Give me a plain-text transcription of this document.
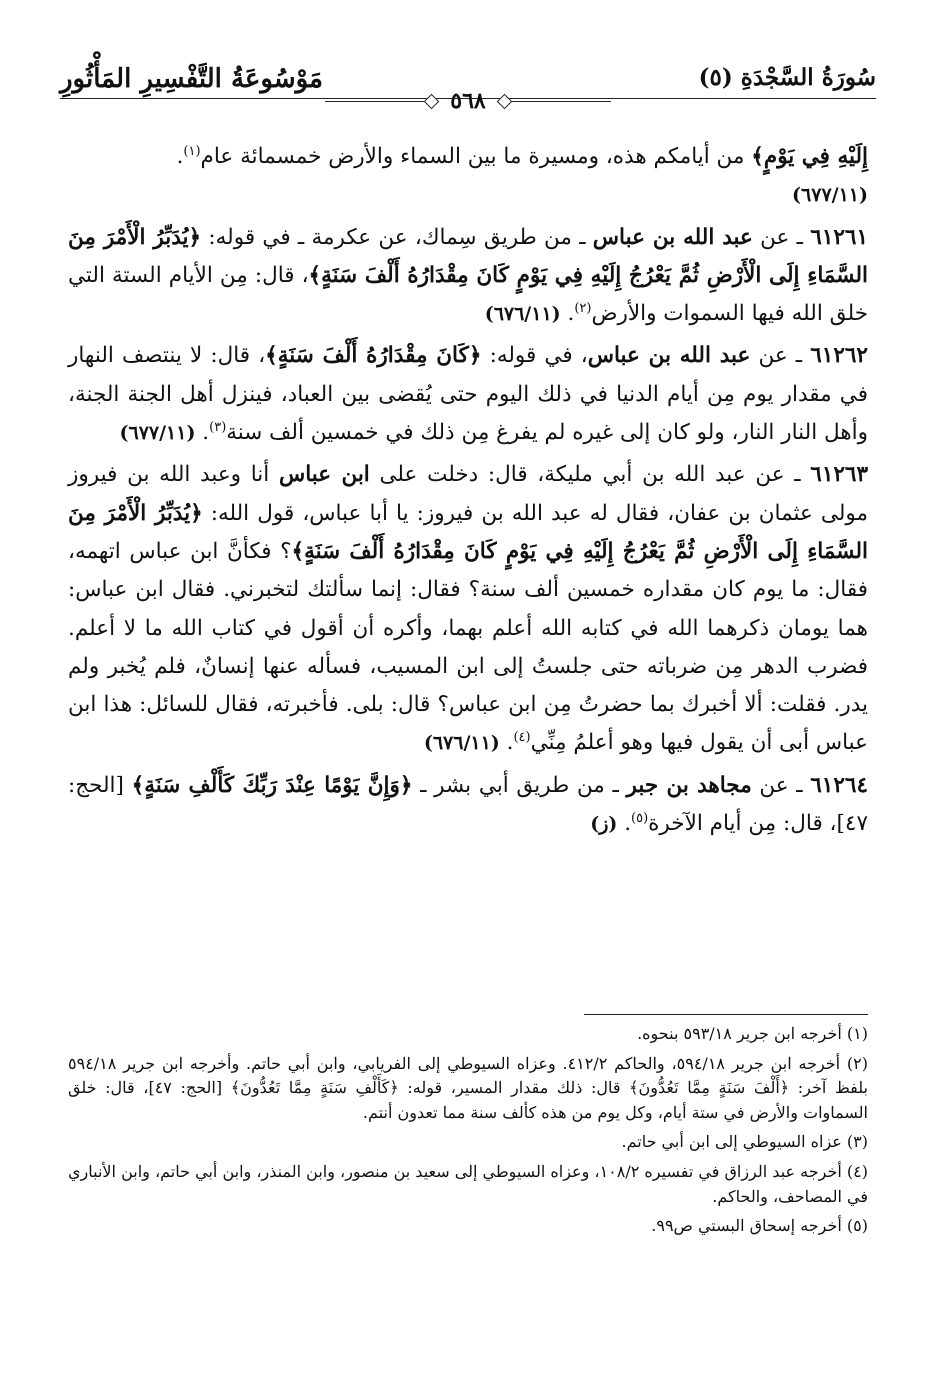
سُورَةُ السَّجْدَةِ (٥)
مَوْسُوعَةُ التَّفْسِيرِ المَأْثُورِ
٥٦٨

إِلَيْهِ فِي يَوْمٍ﴾ من أيامكم هذه، ومسيرة ما بين السماء والأرض خمسمائة عام$^{(١)}$.
(٦٧٧/١١)

٦١٢٦١ ـ عن عبد الله بن عباس ـ من طريق سِماك، عن عكرمة ـ في قوله: ﴿يُدَبِّرُ الْأَمْرَ مِنَ السَّمَاءِ إِلَى الْأَرْضِ ثُمَّ يَعْرُجُ إِلَيْهِ فِي يَوْمٍ كَانَ مِقْدَارُهُ أَلْفَ سَنَةٍ﴾، قال: مِن الأيام الستة التي خلق الله فيها السموات والأرض$^{(٢)}$. (٦٧٦/١١)

٦١٢٦٢ ـ عن عبد الله بن عباس، في قوله: ﴿كَانَ مِقْدَارُهُ أَلْفَ سَنَةٍ﴾، قال: لا ينتصف النهار في مقدار يوم مِن أيام الدنيا في ذلك اليوم حتى يُقضى بين العباد، فينزل أهل الجنة الجنة، وأهل النار النار، ولو كان إلى غيره لم يفرغ مِن ذلك في خمسين ألف سنة$^{(٣)}$. (٦٧٧/١١)

٦١٢٦٣ ـ عن عبد الله بن أبي مليكة، قال: دخلت على ابن عباس أنا وعبد الله بن فيروز مولى عثمان بن عفان، فقال له عبد الله بن فيروز: يا أبا عباس، قول الله: ﴿يُدَبِّرُ الْأَمْرَ مِنَ السَّمَاءِ إِلَى الْأَرْضِ ثُمَّ يَعْرُجُ إِلَيْهِ فِي يَوْمٍ كَانَ مِقْدَارُهُ أَلْفَ سَنَةٍ﴾؟ فكأنَّ ابن عباس اتهمه، فقال: ما يوم كان مقداره خمسين ألف سنة؟ فقال: إنما سألتك لتخبرني. فقال ابن عباس: هما يومان ذكرهما الله في كتابه الله أعلم بهما، وأكره أن أقول في كتاب الله ما لا أعلم. فضرب الدهر مِن ضرباته حتى جلستُ إلى ابن المسيب، فسأله عنها إنسانٌ، فلم يُخبر ولم يدر. فقلت: ألا أخبرك بما حضرتُ مِن ابن عباس؟ قال: بلى. فأخبرته، فقال للسائل: هذا ابن عباس أبى أن يقول فيها وهو أعلمُ مِنِّي$^{(٤)}$. (٦٧٦/١١)

٦١٢٦٤ ـ عن مجاهد بن جبر ـ من طريق أبي بشر ـ ﴿وَإِنَّ يَوْمًا عِنْدَ رَبِّكَ كَأَلْفِ سَنَةٍ﴾ [الحج: ٤٧]، قال: مِن أيام الآخرة$^{(٥)}$. (ز)

(١) أخرجه ابن جرير ٥٩٣/١٨ بنحوه.

(٢) أخرجه ابن جرير ٥٩٤/١٨، والحاكم ٤١٢/٢. وعزاه السيوطي إلى الفريابي، وابن أبي حاتم. وأخرجه ابن جرير ٥٩٤/١٨ بلفظ آخر: ﴿أَلْفَ سَنَةٍ مِمَّا تَعُدُّونَ﴾ قال: ذلك مقدار المسير، قوله: ﴿كَأَلْفِ سَنَةٍ مِمَّا تَعُدُّونَ﴾ [الحج: ٤٧]، قال: خلق السماوات والأرض في ستة أيام، وكل يوم من هذه كألف سنة مما تعدون أنتم.

(٣) عزاه السيوطي إلى ابن أبي حاتم.

(٤) أخرجه عبد الرزاق في تفسيره ١٠٨/٢، وعزاه السيوطي إلى سعيد بن منصور، وابن المنذر، وابن أبي حاتم، وابن الأنباري في المصاحف، والحاكم.

(٥) أخرجه إسحاق البستي ص٩٩.
